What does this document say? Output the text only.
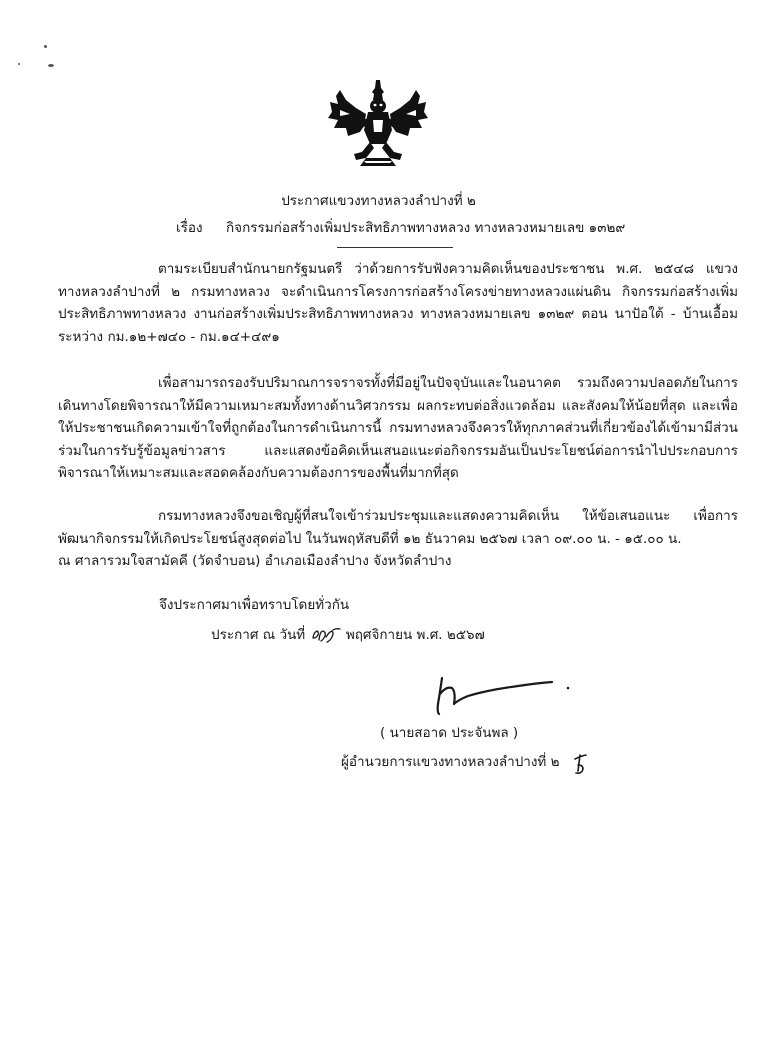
ประกาศแขวงทางหลวงลำปางที่ ๒
เรื่อง กิจกรรมก่อสร้างเพิ่มประสิทธิภาพทางหลวง ทางหลวงหมายเลข ๑๓๒๙

ตามระเบียบสำนักนายกรัฐมนตรี ว่าด้วยการรับฟังความคิดเห็นของประชาชน พ.ศ. ๒๕๔๘ แขวงทางหลวงลำปางที่ ๒ กรมทางหลวง จะดำเนินการโครงการก่อสร้างโครงข่ายทางหลวงแผ่นดิน กิจกรรมก่อสร้างเพิ่มประสิทธิภาพทางหลวง งานก่อสร้างเพิ่มประสิทธิภาพทางหลวง ทางหลวงหมายเลข ๑๓๒๙ ตอน นาปัอใต้ - บ้านเอื้อม ระหว่าง กม.๑๒+๗๔๐ - กม.๑๔+๔๙๑

เพื่อสามารถรองรับปริมาณการจราจรทั้งที่มีอยู่ในปัจจุบันและในอนาคต รวมถึงความปลอดภัยในการเดินทางโดยพิจารณาให้มีความเหมาะสมทั้งทางด้านวิศวกรรม ผลกระทบต่อสิ่งแวดล้อม และสังคมให้น้อยที่สุด และเพื่อให้ประชาชนเกิดความเข้าใจที่ถูกต้องในการดำเนินการนี้ กรมทางหลวงจึงควรให้ทุกภาคส่วนที่เกี่ยวข้องได้เข้ามามีส่วนร่วมในการรับรู้ข้อมูลข่าวสาร และแสดงข้อคิดเห็นเสนอแนะต่อกิจกรรมอันเป็นประโยชน์ต่อการนำไปประกอบการพิจารณาให้เหมาะสมและสอดคล้องกับความต้องการของพื้นที่มากที่สุด

กรมทางหลวงจึงขอเชิญผู้ที่สนใจเข้าร่วมประชุมและแสดงความคิดเห็น ให้ข้อเสนอแนะ เพื่อการพัฒนากิจกรรมให้เกิดประโยชน์สูงสุดต่อไป ในวันพฤหัสบดีที่ ๑๒ ธันวาคม ๒๕๖๗ เวลา ๐๙.๐๐ น. - ๑๕.๐๐ น.

ณ ศาลารวมใจสามัคคี (วัดจำบอน) อำเภอเมืองลำปาง จังหวัดลำปาง
จึงประกาศมาเพื่อทราบโดยทั่วกัน
ประกาศ ณ วันที่	พฤศจิกายน พ.ศ. ๒๕๖๗
( นายสอาด ประจันพล )
ผู้อำนวยการแขวงทางหลวงลำปางที่ ๒
